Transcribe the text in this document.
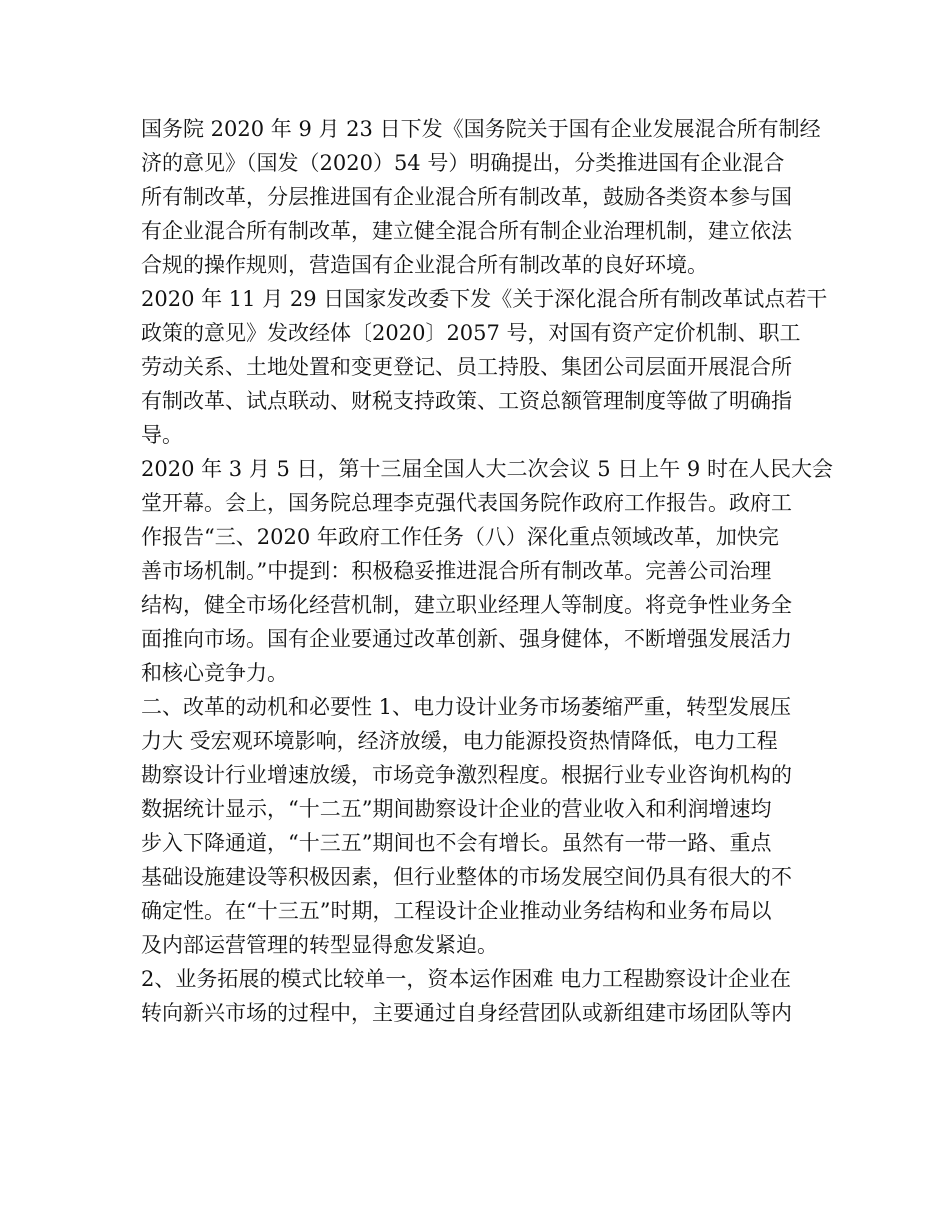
国务院 2020 年 9 月 23 日下发《国务院关于国有企业发展混合所有制经
济的意见》（国发（2020）54 号）明确提出，分类推进国有企业混合
所有制改革，分层推进国有企业混合所有制改革，鼓励各类资本参与国
有企业混合所有制改革，建立健全混合所有制企业治理机制，建立依法
合规的操作规则，营造国有企业混合所有制改革的良好环境。
2020 年 11 月 29 日国家发改委下发《关于深化混合所有制改革试点若干
政策的意见》发改经体〔2020〕2057 号，对国有资产定价机制、职工
劳动关系、土地处置和变更登记、员工持股、集团公司层面开展混合所
有制改革、试点联动、财税支持政策、工资总额管理制度等做了明确指
导。
2020 年 3 月 5 日，第十三届全国人大二次会议 5 日上午 9 时在人民大会
堂开幕。会上，国务院总理李克强代表国务院作政府工作报告。政府工
作报告“三、2020 年政府工作任务（八）深化重点领域改革，加快完
善市场机制。”中提到：积极稳妥推进混合所有制改革。完善公司治理
结构，健全市场化经营机制，建立职业经理人等制度。将竞争性业务全
面推向市场。国有企业要通过改革创新、强身健体，不断增强发展活力
和核心竞争力。
二、改革的动机和必要性 1、电力设计业务市场萎缩严重，转型发展压
力大 受宏观环境影响，经济放缓，电力能源投资热情降低，电力工程
勘察设计行业增速放缓，市场竞争激烈程度。根据行业专业咨询机构的
数据统计显示，“十二五”期间勘察设计企业的营业收入和利润增速均
步入下降通道，“十三五”期间也不会有增长。虽然有一带一路、重点
基础设施建设等积极因素，但行业整体的市场发展空间仍具有很大的不
确定性。在“十三五”时期，工程设计企业推动业务结构和业务布局以
及内部运营管理的转型显得愈发紧迫。
2、业务拓展的模式比较单一，资本运作困难 电力工程勘察设计企业在
转向新兴市场的过程中，主要通过自身经营团队或新组建市场团队等内
